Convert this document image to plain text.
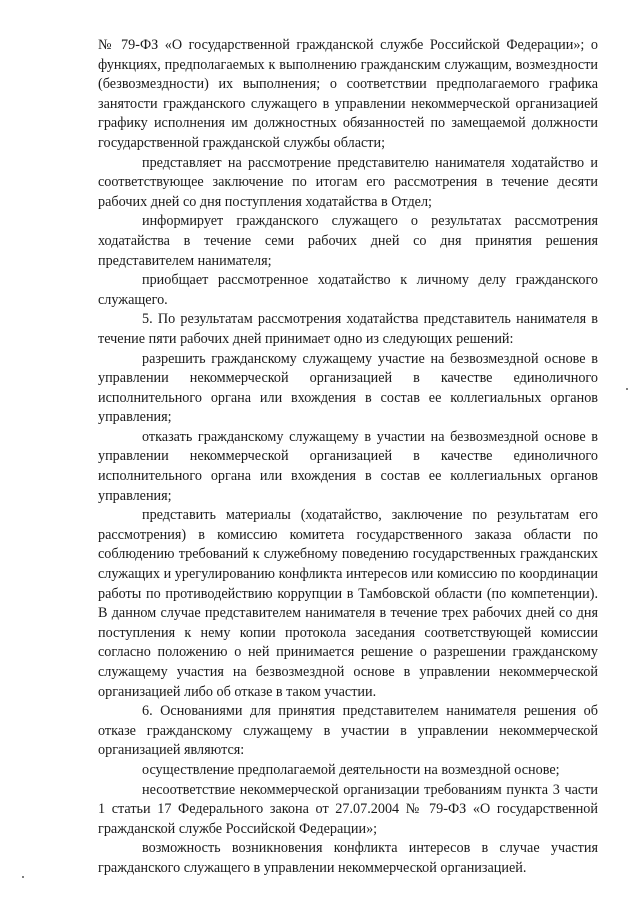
№ 79-ФЗ «О государственной гражданской службе Российской Федерации»; о функциях, предполагаемых к выполнению гражданским служащим, возмездности (безвозмездности) их выполнения; о соответствии предполагаемого графика занятости гражданского служащего в управлении некоммерческой организацией графику исполнения им должностных обязанностей по замещаемой должности государственной гражданской службы области;

представляет на рассмотрение представителю нанимателя ходатайство и соответствующее заключение по итогам его рассмотрения в течение десяти рабочих дней со дня поступления ходатайства в Отдел;

информирует гражданского служащего о результатах рассмотрения ходатайства в течение семи рабочих дней со дня принятия решения представителем нанимателя;

приобщает рассмотренное ходатайство к личному делу гражданского служащего.

5. По результатам рассмотрения ходатайства представитель нанимателя в течение пяти рабочих дней принимает одно из следующих решений:

разрешить гражданскому служащему участие на безвозмездной основе в управлении некоммерческой организацией в качестве единоличного исполнительного органа или вхождения в состав ее коллегиальных органов управления;

отказать гражданскому служащему в участии на безвозмездной основе в управлении некоммерческой организацией в качестве единоличного исполнительного органа или вхождения в состав ее коллегиальных органов управления;

представить материалы (ходатайство, заключение по результатам его рассмотрения) в комиссию комитета государственного заказа области по соблюдению требований к служебному поведению государственных гражданских служащих и урегулированию конфликта интересов или комиссию по координации работы по противодействию коррупции в Тамбовской области (по компетенции). В данном случае представителем нанимателя в течение трех рабочих дней со дня поступления к нему копии протокола заседания соответствующей комиссии согласно положению о ней принимается решение о разрешении гражданскому служащему участия на безвозмездной основе в управлении некоммерческой организацией либо об отказе в таком участии.

6. Основаниями для принятия представителем нанимателя решения об отказе гражданскому служащему в участии в управлении некоммерческой организацией являются:

осуществление предполагаемой деятельности на возмездной основе;

несоответствие некоммерческой организации требованиям пункта 3 части 1 статьи 17 Федерального закона от 27.07.2004 № 79-ФЗ «О государственной гражданской службе Российской Федерации»;

возможность возникновения конфликта интересов в случае участия гражданского служащего в управлении некоммерческой организацией.
